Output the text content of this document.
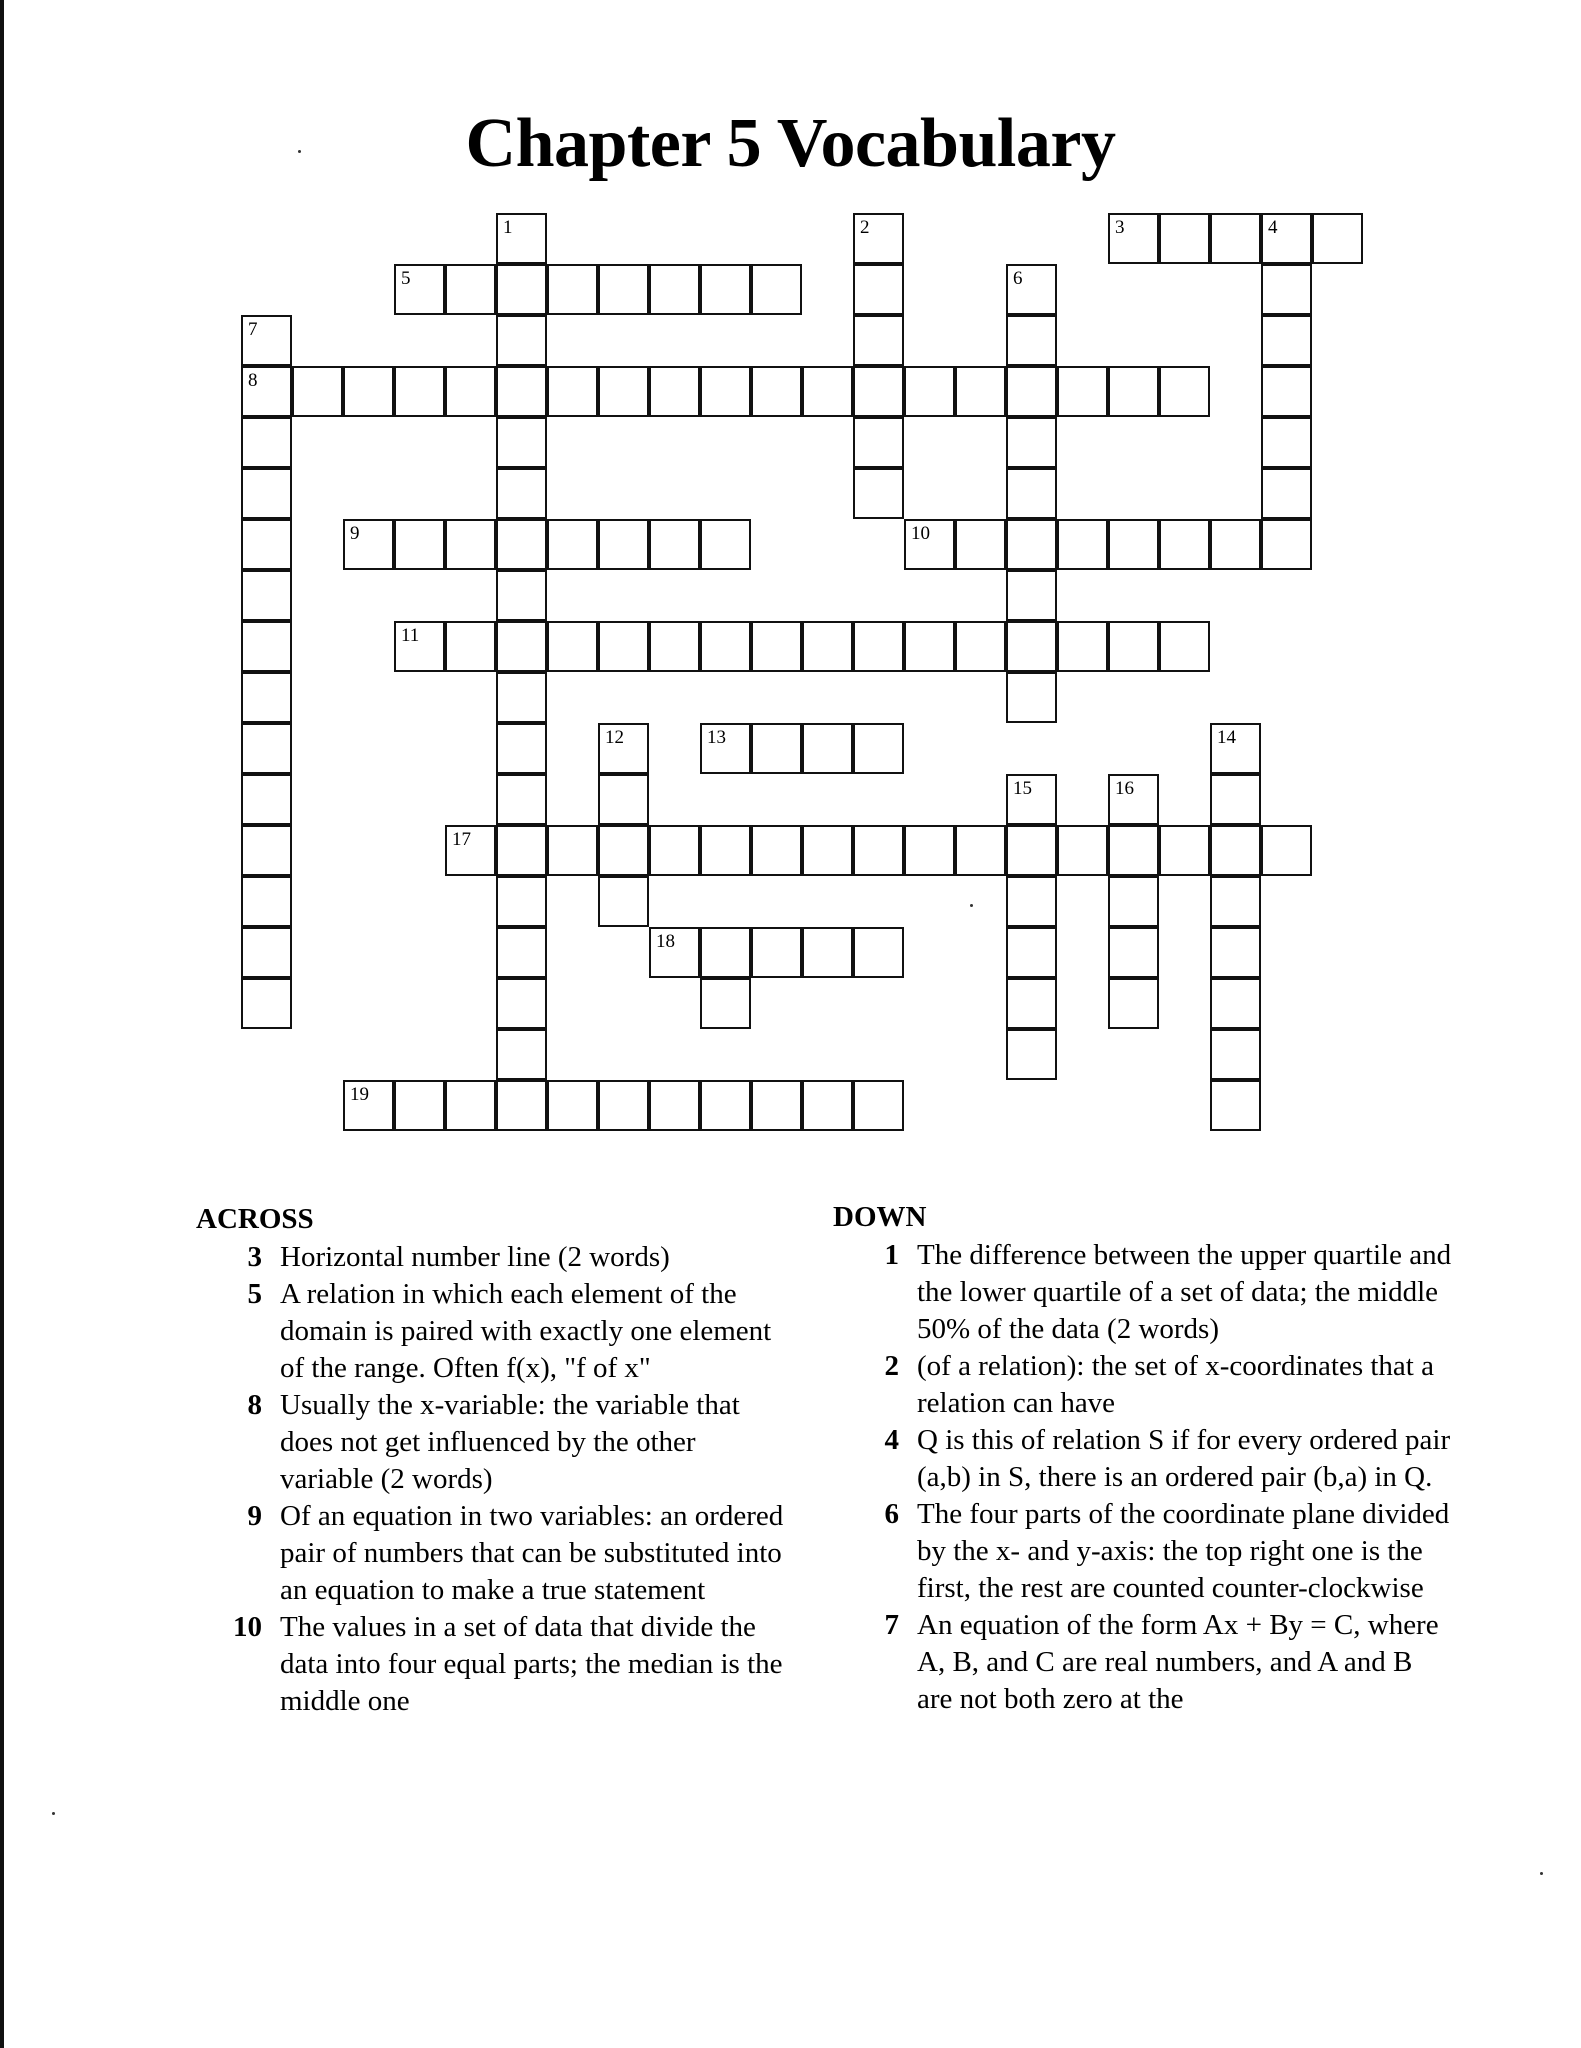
Chapter 5 Vocabulary
1	2	3	4
5	6
7
8
9	10
11
12	13	14
15	16
17
18
19
ACROSS
3 Horizontal number line (2 words)
5 A relation in which each element of the domain is paired with exactly one element of the range. Often f(x), "f of x"
8 Usually the x-variable: the variable that does not get influenced by the other variable (2 words)
9 Of an equation in two variables: an ordered pair of numbers that can be substituted into an equation to make a true statement
10 The values in a set of data that divide the data into four equal parts; the median is the middle one
DOWN
1 The difference between the upper quartile and the lower quartile of a set of data; the middle 50% of the data (2 words)
2 (of a relation): the set of x-coordinates that a relation can have
4 Q is this of relation S if for every ordered pair (a,b) in S, there is an ordered pair (b,a) in Q.
6 The four parts of the coordinate plane divided by the x- and y-axis: the top right one is the first, the rest are counted counter-clockwise
7 An equation of the form Ax + By = C, where A, B, and C are real numbers, and A and B are not both zero at the
